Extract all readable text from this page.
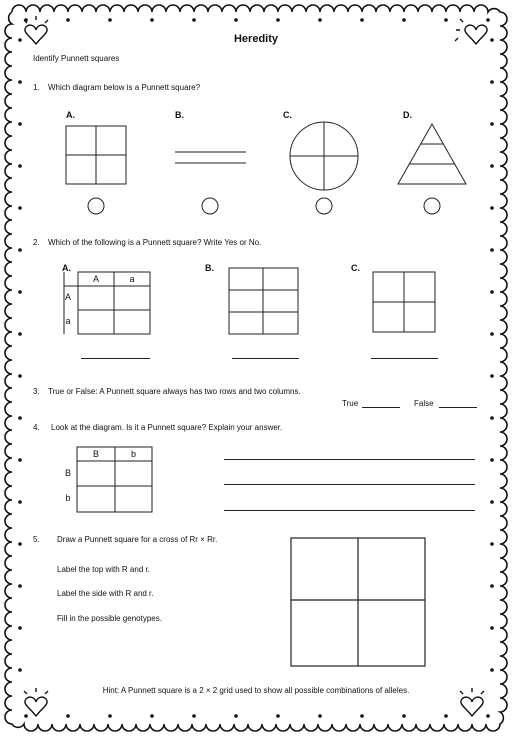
Heredity
Identify Punnett squares
1. Which diagram below is a Punnett square?
A.	B.	C.	D.
2. Which of the following is a Punnett square? Write Yes or No.
A.	B.	C.
A	a
A
a
3. True or False: A Punnett square always has two rows and two columns.
True	False
4. Look at the diagram. Is it a Punnett square? Explain your answer.
B	b
B
b
5. Draw a Punnett square for a cross of Rr × Rr.
Label the top with R and r.
Label the side with R and r.
Fill in the possible genotypes.
Hint: A Punnett square is a 2 × 2 grid used to show all possible combinations of alleles.
